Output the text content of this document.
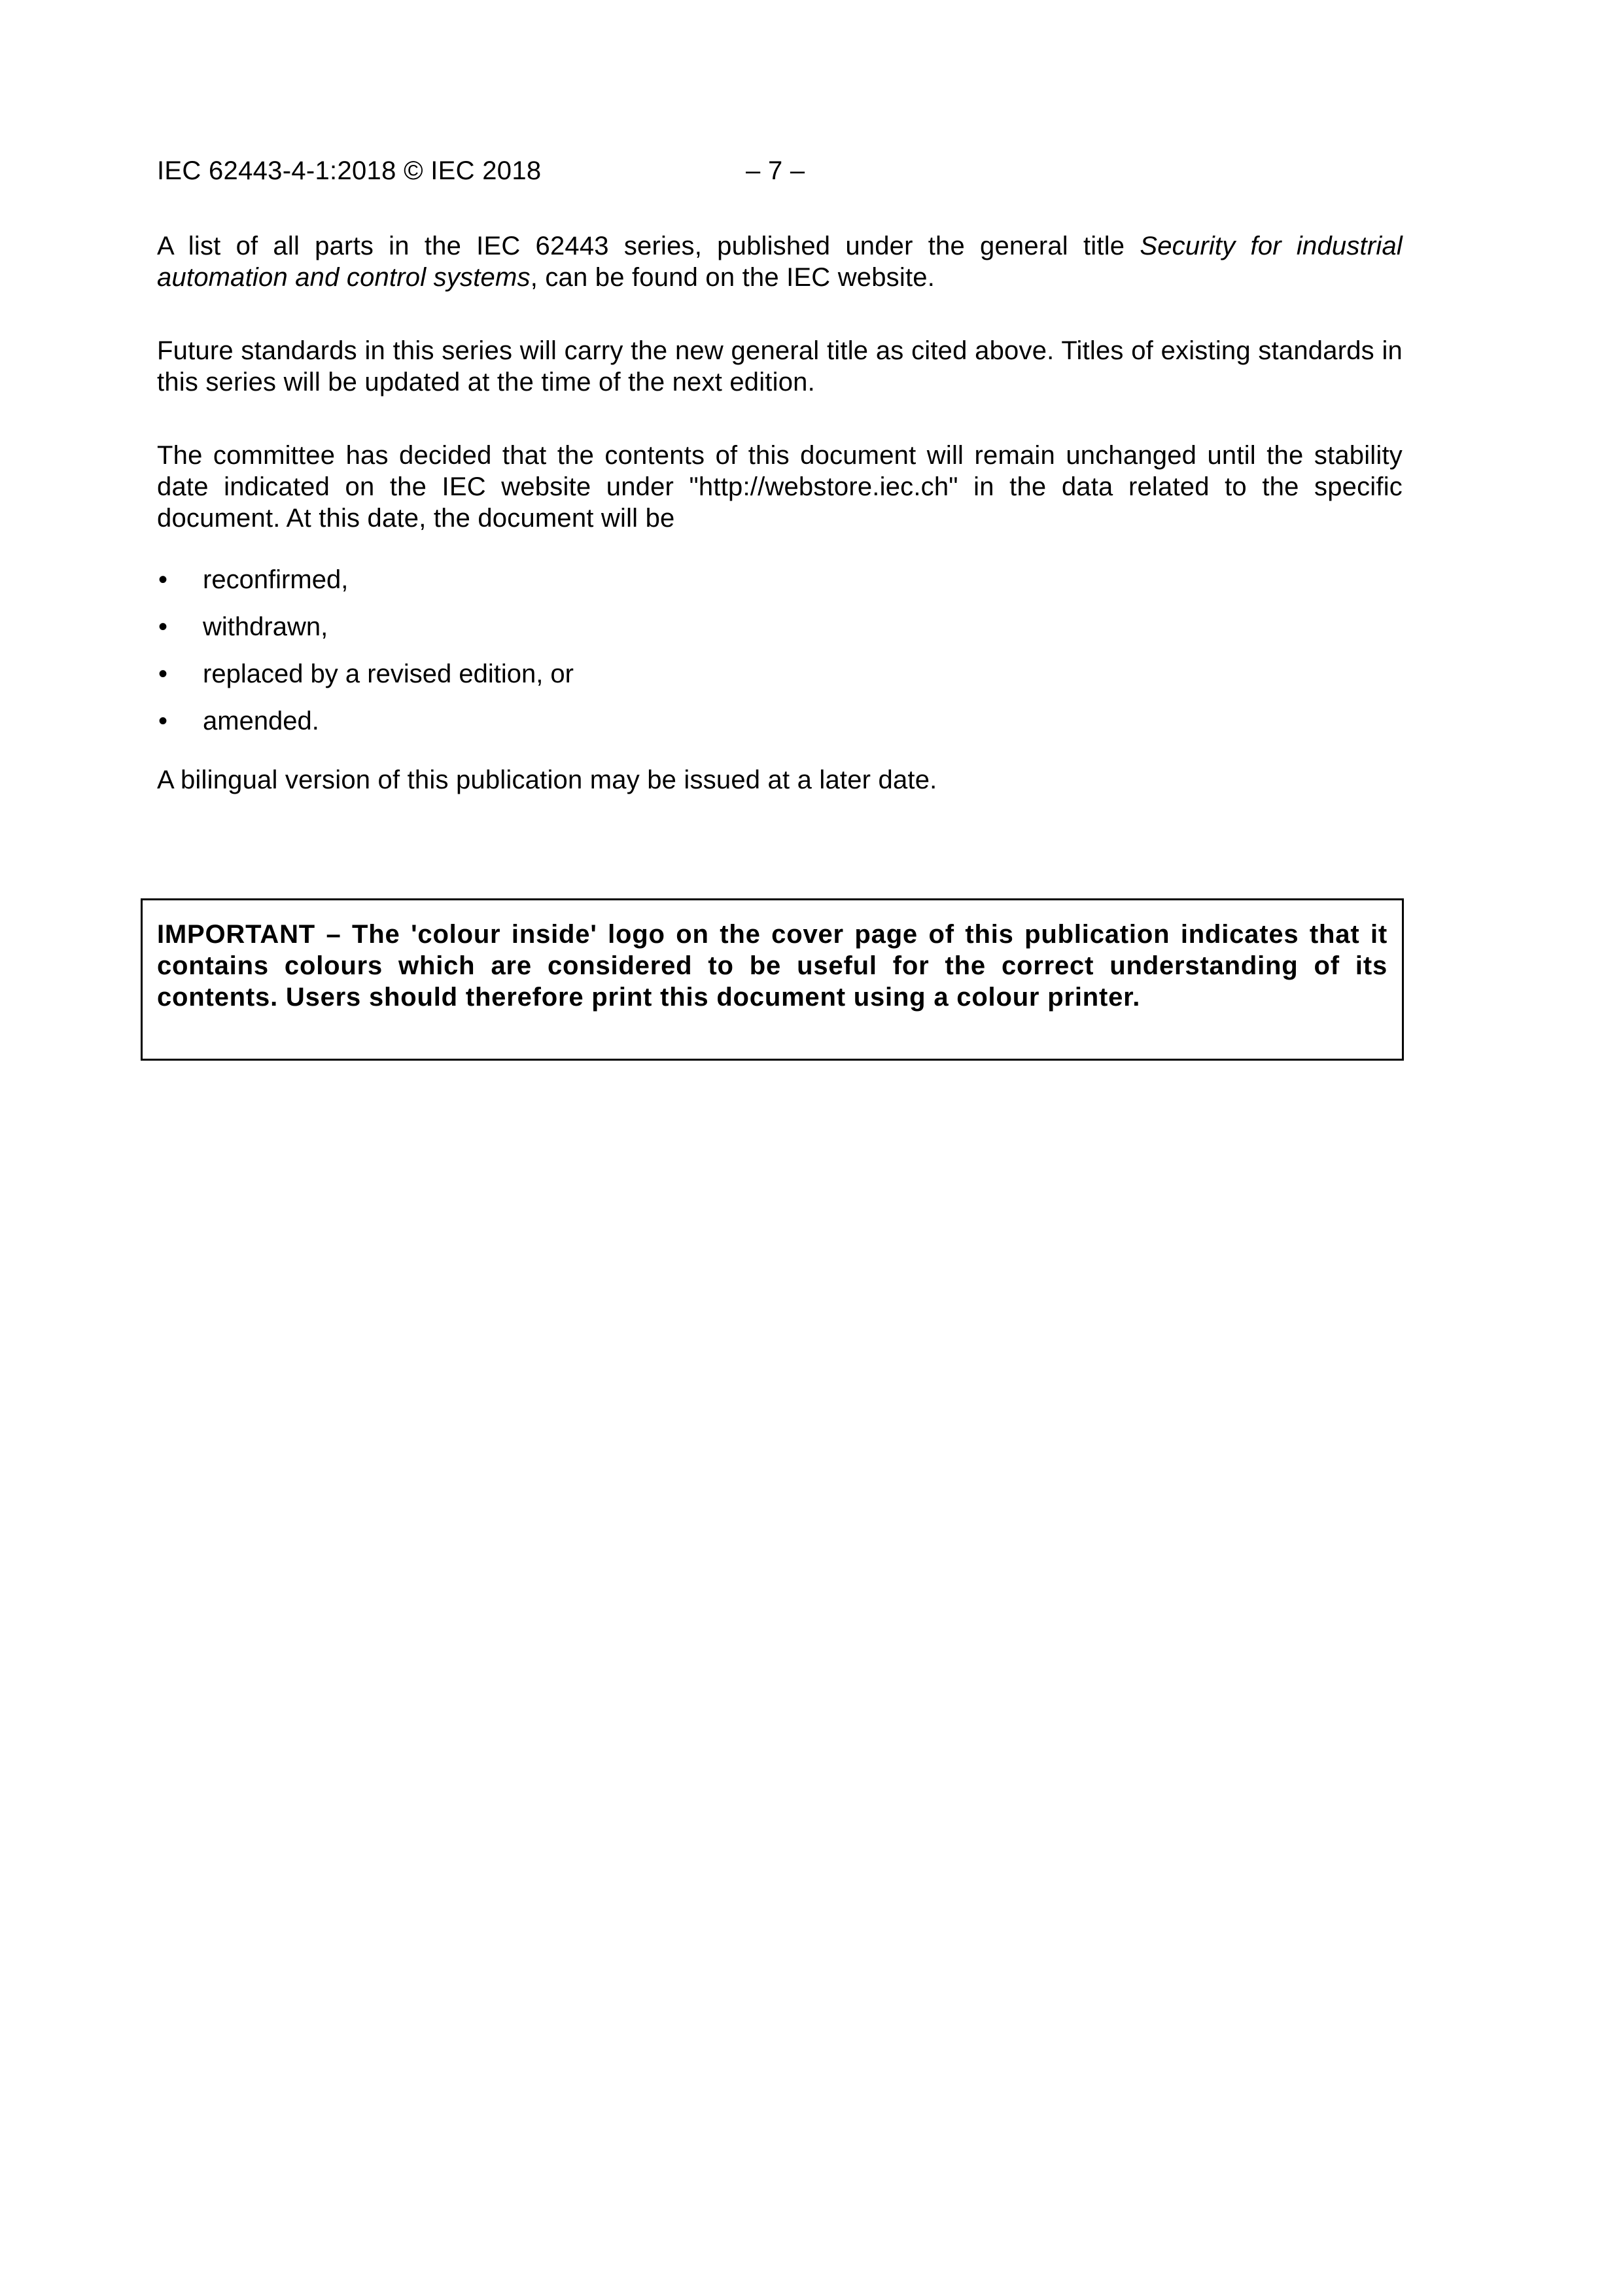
IEC 62443-4-1:2018 © IEC 2018	– 7 –

A list of all parts in the IEC 62443 series, published under the general title Security for industrial automation and control systems, can be found on the IEC website.

Future standards in this series will carry the new general title as cited above. Titles of existing standards in this series will be updated at the time of the next edition.

The committee has decided that the contents of this document will remain unchanged until the stability date indicated on the IEC website under "http://webstore.iec.ch" in the data related to the specific document. At this date, the document will be

• reconfirmed,
• withdrawn,
• replaced by a revised edition, or
• amended.

A bilingual version of this publication may be issued at a later date.

IMPORTANT – The 'colour inside' logo on the cover page of this publication indicates that it contains colours which are considered to be useful for the correct understanding of its contents. Users should therefore print this document using a colour printer.
